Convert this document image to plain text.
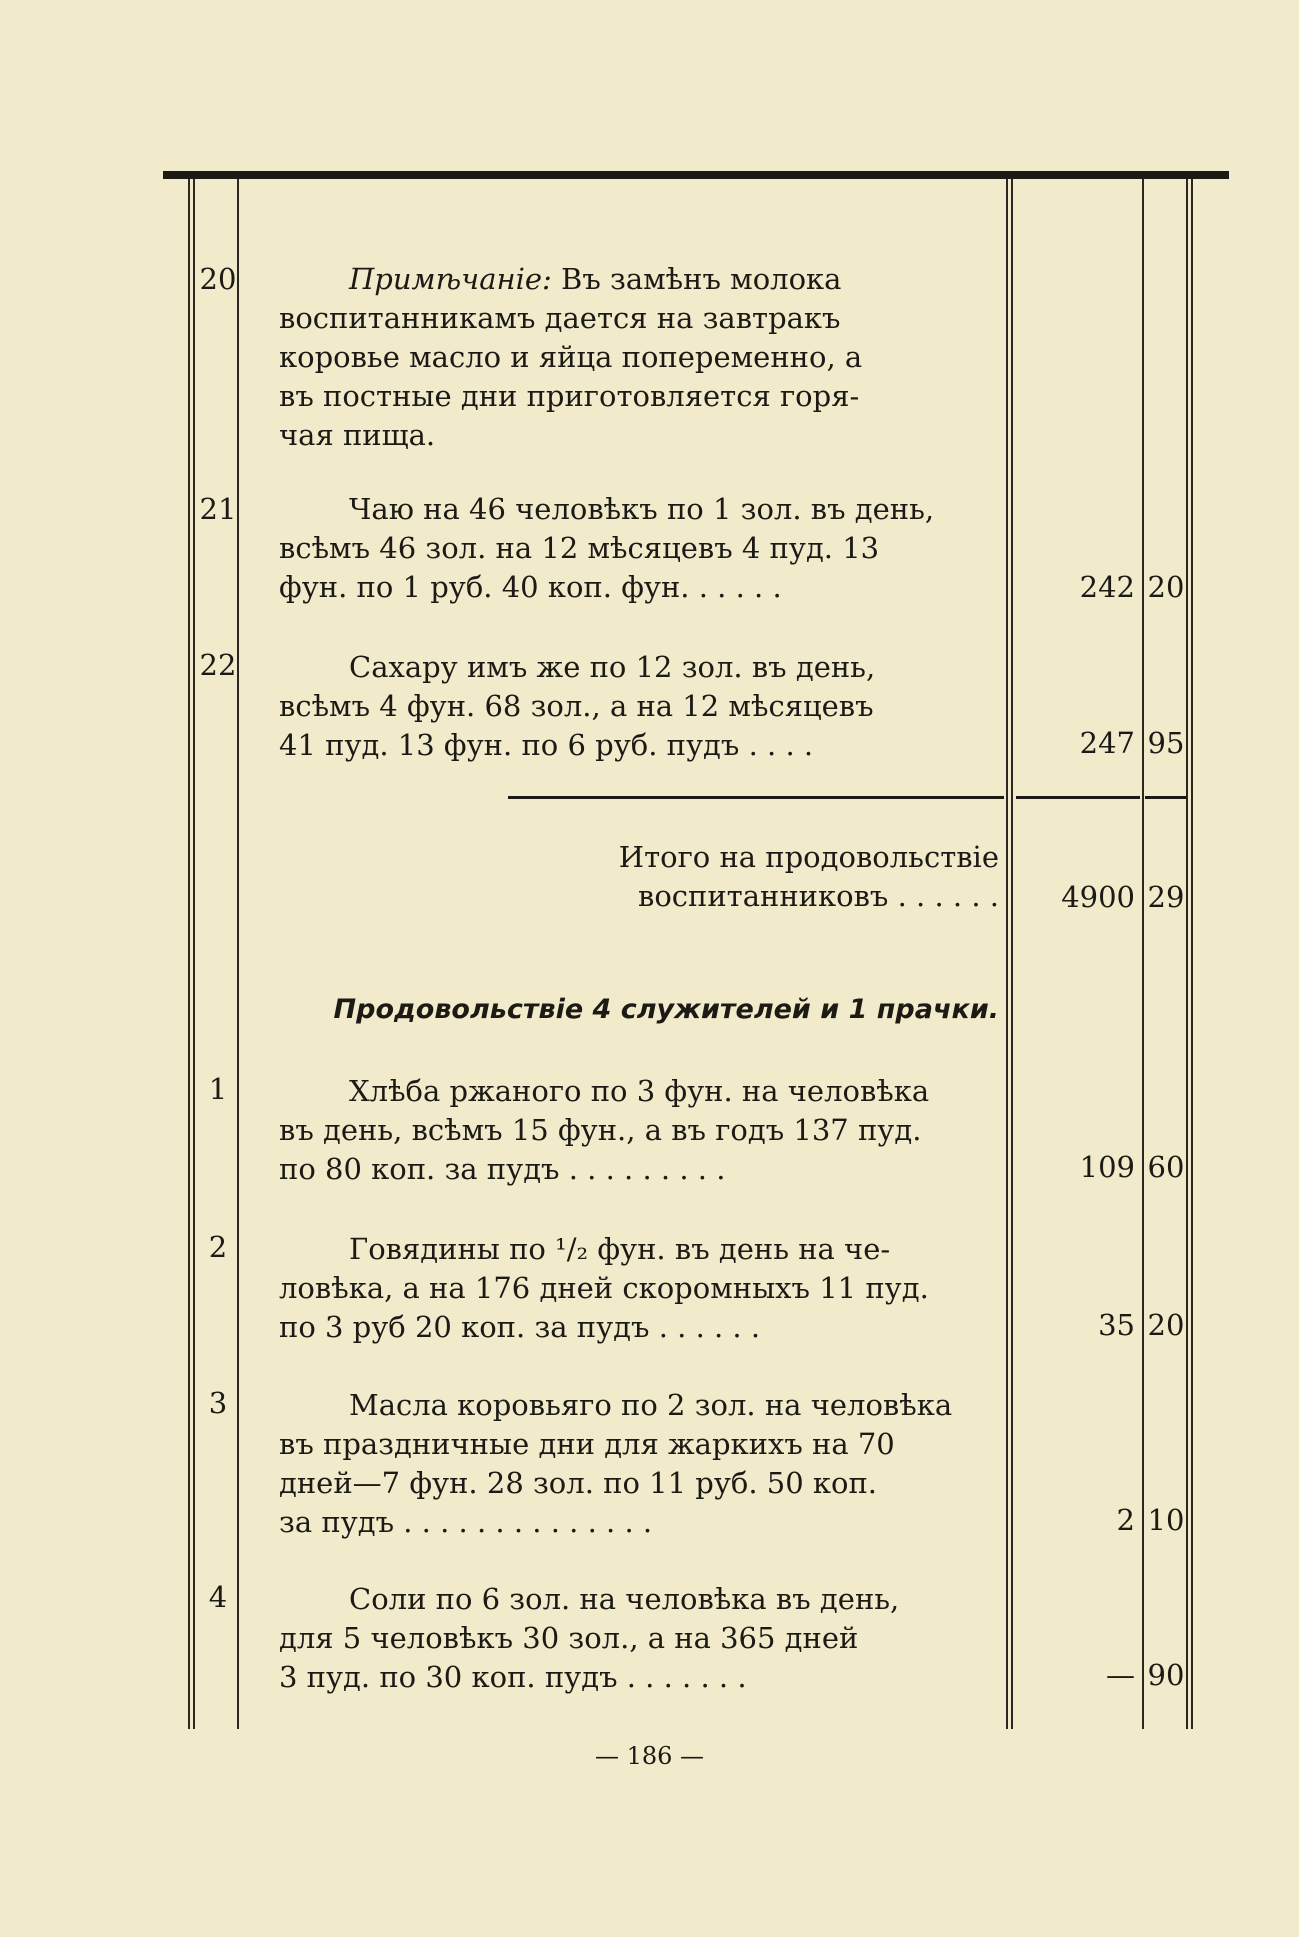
20	Примѣчаніе: Въ замѣнъ молока
воспитанникамъ даетcя на завтракъ
коровье масло и яйца попеременно, а
въ постные дни приготовляется горя-
чая пища.
21	Чаю на 46 человѣкъ по 1 зол. въ день,
всѣмъ 46 зол. на 12 мѣсяцевъ 4 пуд. 13
фун. по 1 руб. 40 коп. фун. . . . . .	242 20
22	Сахару имъ же по 12 зол. въ день,
всѣмъ 4 фун. 68 зол., а на 12 мѣсяцевъ
41 пуд. 13 фун. по 6 руб. пудъ . . . .	247 95
Итого на продовольствіе
воспитанниковъ . . . . . .	4900 29
Продовольствіе 4 служителей и 1 прачки.
1	Хлѣба ржаного по 3 фун. на человѣка
въ день, всѣмъ 15 фун., а въ годъ 137 пуд.
по 80 коп. за пудъ . . . . . . . . .	109 60
2	Говядины по ¹/₂ фун. въ день на че-
ловѣка, а на 176 дней скоромныхъ 11 пуд.
по 3 руб 20 коп. за пудъ . . . . . .	35 20
3	Масла коровьяго по 2 зол. на человѣка
въ праздничные дни для жаркихъ на 70
дней—7 фун. 28 зол. по 11 руб. 50 коп.
за пудъ . . . . . . . . . . . . . .	2 10
4	Соли по 6 зол. на человѣка въ день,
для 5 человѣкъ 30 зол., а на 365 дней
3 пуд. по 30 коп. пудъ . . . . . . .	— 90
— 186 —
